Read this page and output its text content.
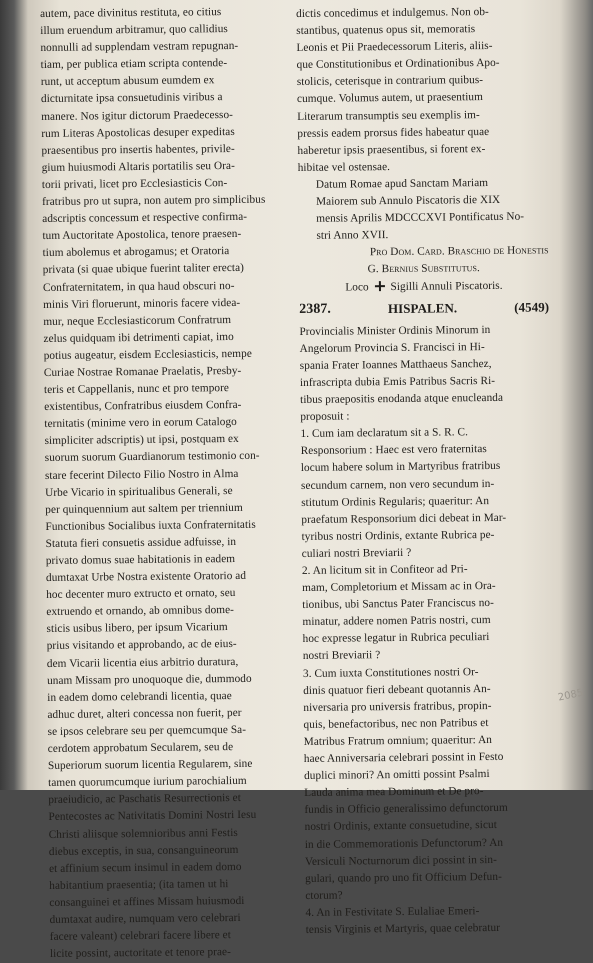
autem, pace divinitus restituta, eo citius
illum eruendum arbitramur, quo callidius
nonnulli ad supplendam vestram repugnan-
tiam, per publica etiam scripta contende-
runt, ut acceptum abusum eumdem ex
dicturnitate ipsa consuetudinis viribus a
manere. Nos igitur dictorum Praedecesso-
rum Literas Apostolicas desuper expeditas
praesentibus pro insertis habentes, privile-
gium huiusmodi Altaris portatilis seu Ora-
torii privati, licet pro Ecclesiasticis Con-
fratribus pro ut supra, non autem pro simplicibus
adscriptis concessum et respective confirma-
tum Auctoritate Apostolica, tenore praesen-
tium abolemus et abrogamus; et Oratoria
privata (si quae ubique fuerint taliter erecta)
Confraternitatem, in qua haud obscuri no-
minis Viri floruerunt, minoris facere videa-
mur, neque Ecclesiasticorum Confratrum
zelus quidquam ibi detrimenti capiat, imo
potius augeatur, eisdem Ecclesiasticis, nempe
Curiae Nostrae Romanae Praelatis, Presby-
teris et Cappellanis, nunc et pro tempore
existentibus, Confratribus eiusdem Confra-
ternitatis (minime vero in eorum Catalogo
simpliciter adscriptis) ut ipsi, postquam ex
suorum suorum Guardianorum testimonio con-
stare fecerint Dilecto Filio Nostro in Alma
Urbe Vicario in spiritualibus Generali, se
per quinquennium aut saltem per triennium
Functionibus Socialibus iuxta Confraternitatis
Statuta fieri consuetis assidue adfuisse, in
privato domus suae habitationis in eadem
dumtaxat Urbe Nostra existente Oratorio ad
hoc decenter muro extructo et ornato, seu
extruendo et ornando, ab omnibus dome-
sticis usibus libero, per ipsum Vicarium
prius visitando et approbando, ac de eius-
dem Vicarii licentia eius arbitrio duratura,
unam Missam pro unoquoque die, dummodo
in eadem domo celebrandi licentia, quae
adhuc duret, alteri concessa non fuerit, per
se ipsos celebrare seu per quemcumque Sa-
cerdotem approbatum Secularem, seu de
Superiorum suorum licentia Regularem, sine
tamen quorumcumque iurium parochialium
praeiudicio, ac Paschatis Resurrectionis et
Pentecostes ac Nativitatis Domini Nostri Iesu
Christi aliisque solemnioribus anni Festis
diebus exceptis, in sua, consanguineorum
et affinium secum insimul in eadem domo
habitantium praesentia; (ita tamen ut hi
consanguinei et affines Missam huiusmodi
dumtaxat audire, numquam vero celebrari
facere valeant) celebrari facere libere et
licite possint, auctoritate et tenore prae-

dictis concedimus et indulgemus. Non ob-
stantibus, quatenus opus sit, memoratis
Leonis et Pii Praedecessorum Literis, aliis-
que Constitutionibus et Ordinationibus Apo-
stolicis, ceterisque in contrarium quibus-
cumque. Volumus autem, ut praesentium
Literarum transumptis seu exemplis im-
pressis eadem prorsus fides habeatur quae
haberetur ipsis praesentibus, si forent ex-
hibitae vel ostensae.

Datum Romae apud Sanctam Mariam
Maiorem sub Annulo Piscatoris die XIX
mensis Aprilis MDCCCXVI Pontificatus No-
stri Anno XVII.

Pro Dom. Card. Braschio de Honestis

G. Bernius Substitutus.

Loco Sigilli Annuli Piscatoris.

2387.	HISPALEN.	(4549)

Provincialis Minister Ordinis Minorum in
Angelorum Provincia S. Francisci in Hi-
spania Frater Ioannes Matthaeus Sanchez,
infrascripta dubia Emis Patribus Sacris Ri-
tibus praepositis enodanda atque enucleanda
proposuit :

1. Cum iam declaratum sit a S. R. C.
Responsorium : Haec est vero fraternitas
locum habere solum in Martyribus fratribus
secundum carnem, non vero secundum in-
stitutum Ordinis Regularis; quaeritur: An
praefatum Responsorium dici debeat in Mar-
tyribus nostri Ordinis, extante Rubrica pe-
culiari nostri Breviarii ?

2. An licitum sit in Confiteor ad Pri-
mam, Completorium et Missam ac in Ora-
tionibus, ubi Sanctus Pater Franciscus no-
minatur, addere nomen Patris nostri, cum
hoc expresse legatur in Rubrica peculiari
nostri Breviarii ?

3. Cum iuxta Constitutiones nostri Or-
dinis quatuor fieri debeant quotannis An-
niversaria pro universis fratribus, propin-
quis, benefactoribus, nec non Patribus et
Matribus Fratrum omnium; quaeritur: An
haec Anniversaria celebrari possint in Festo
duplici minori? An omitti possint Psalmi
Lauda anima mea Dominum et De pro-
fundis in Officio generalissimo defunctorum
nostri Ordinis, extante consuetudine, sicut
in die Commemorationis Defunctorum? An
Versiculi Nocturnorum dici possint in sin-
gulari, quando pro uno fit Officium Defun-
ctorum?

4. An in Festivitate S. Eulaliae Emeri-
tensis Virginis et Martyris, quae celebratur

2085
